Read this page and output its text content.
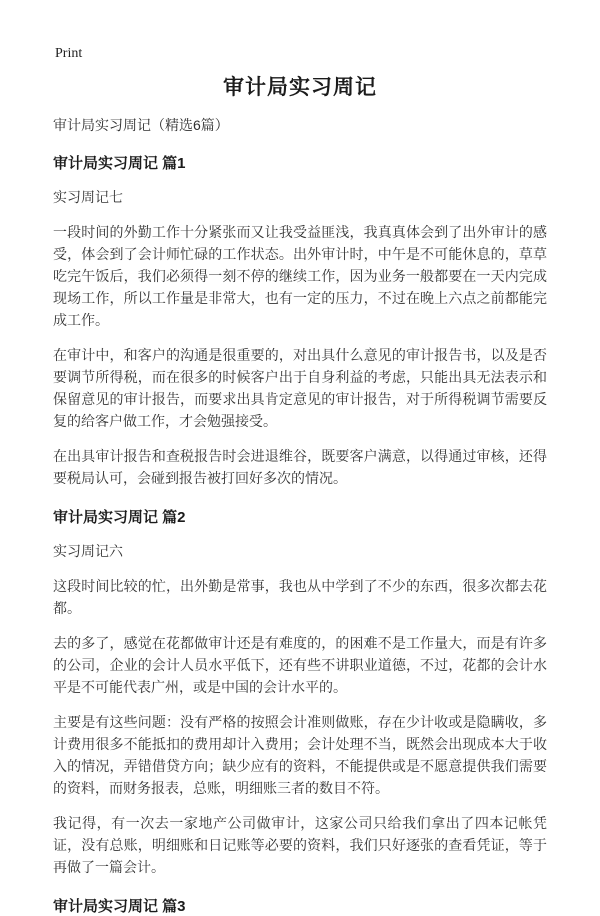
Print
审计局实习周记
审计局实习周记（精选6篇）
审计局实习周记 篇1

实习周记七

一段时间的外勤工作十分紧张而又让我受益匪浅，我真真体会到了出外审计的感受，体会到了会计师忙碌的工作状态。出外审计时，中午是不可能休息的，草草吃完午饭后，我们必须得一刻不停的继续工作，因为业务一般都要在一天内完成现场工作，所以工作量是非常大，也有一定的压力，不过在晚上六点之前都能完成工作。

在审计中，和客户的沟通是很重要的，对出具什么意见的审计报告书，以及是否要调节所得税，而在很多的时候客户出于自身利益的考虑，只能出具无法表示和保留意见的审计报告，而要求出具肯定意见的审计报告，对于所得税调节需要反复的给客户做工作，才会勉强接受。

在出具审计报告和查税报告时会进退维谷，既要客户满意，以得通过审核，还得要税局认可，会碰到报告被打回好多次的情况。

审计局实习周记 篇2

实习周记六

这段时间比较的忙，出外勤是常事，我也从中学到了不少的东西，很多次都去花都。

去的多了，感觉在花都做审计还是有难度的，的困难不是工作量大，而是有许多的公司，企业的会计人员水平低下，还有些不讲职业道德，不过，花都的会计水平是不可能代表广州，或是中国的会计水平的。

主要是有这些问题：没有严格的按照会计准则做账，存在少计收或是隐瞒收，多计费用很多不能抵扣的费用却计入费用；会计处理不当，既然会出现成本大于收入的情况，弄错借贷方向；缺少应有的资料，不能提供或是不愿意提供我们需要的资料，而财务报表，总账，明细账三者的数目不符。

我记得，有一次去一家地产公司做审计，这家公司只给我们拿出了四本记帐凭证，没有总账，明细账和日记账等必要的资料，我们只好逐张的查看凭证，等于再做了一篇会计。

审计局实习周记 篇3
